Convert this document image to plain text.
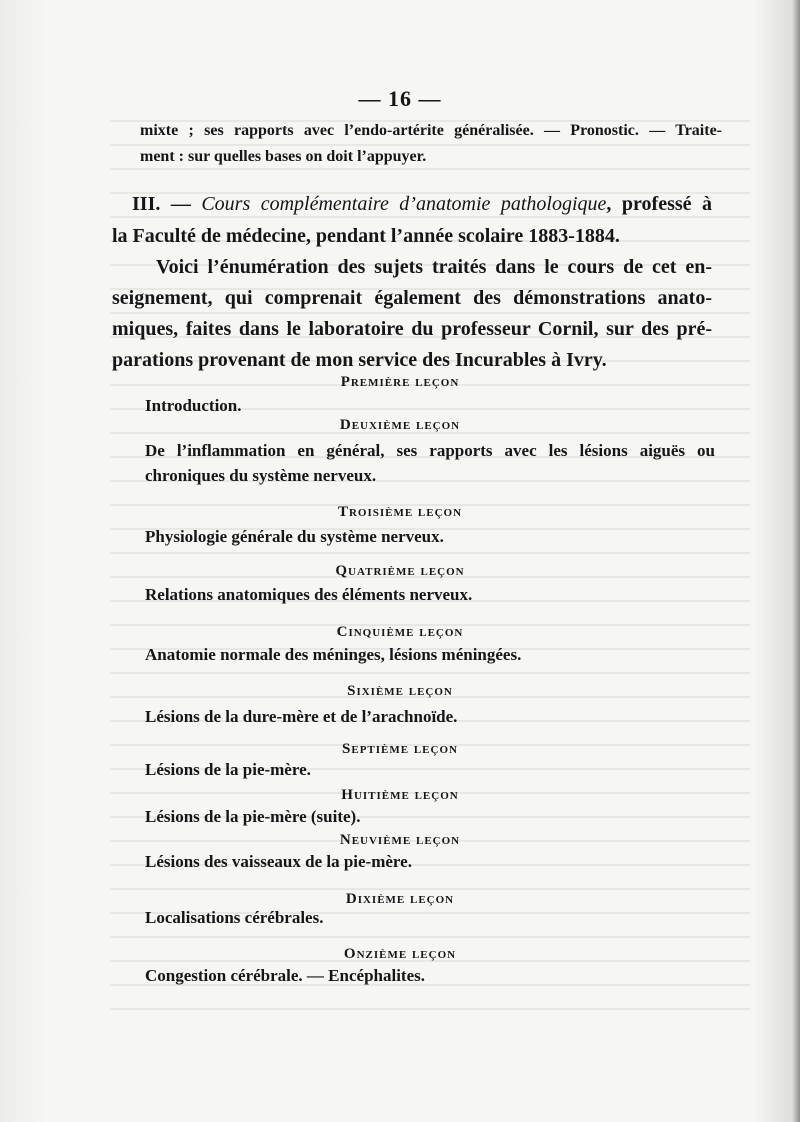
— 16 —
mixte ; ses rapports avec l’endo-artérite généralisée. — Pronostic. — Traite-
ment : sur quelles bases on doit l’appuyer.
III. — Cours complémentaire d’anatomie pathologique, professé à
la Faculté de médecine, pendant l’année scolaire 1883-1884.
Voici l’énumération des sujets traités dans le cours de cet en-
seignement, qui comprenait également des démonstrations anato-
miques, faites dans le laboratoire du professeur Cornil, sur des pré-
parations provenant de mon service des Incurables à Ivry.
Première leçon
Introduction.
Deuxième leçon
De l’inflammation en général, ses rapports avec les lésions aiguës ou
chroniques du système nerveux.
Troisième leçon
Physiologie générale du système nerveux.
Quatrième leçon
Relations anatomiques des éléments nerveux.
Cinquième leçon
Anatomie normale des méninges, lésions méningées.
Sixième leçon
Lésions de la dure-mère et de l’arachnoïde.
Septième leçon
Lésions de la pie-mère.
Huitième leçon
Lésions de la pie-mère (suite).
Neuvième leçon
Lésions des vaisseaux de la pie-mère.
Dixième leçon
Localisations cérébrales.
Onzième leçon
Congestion cérébrale. — Encéphalites.
